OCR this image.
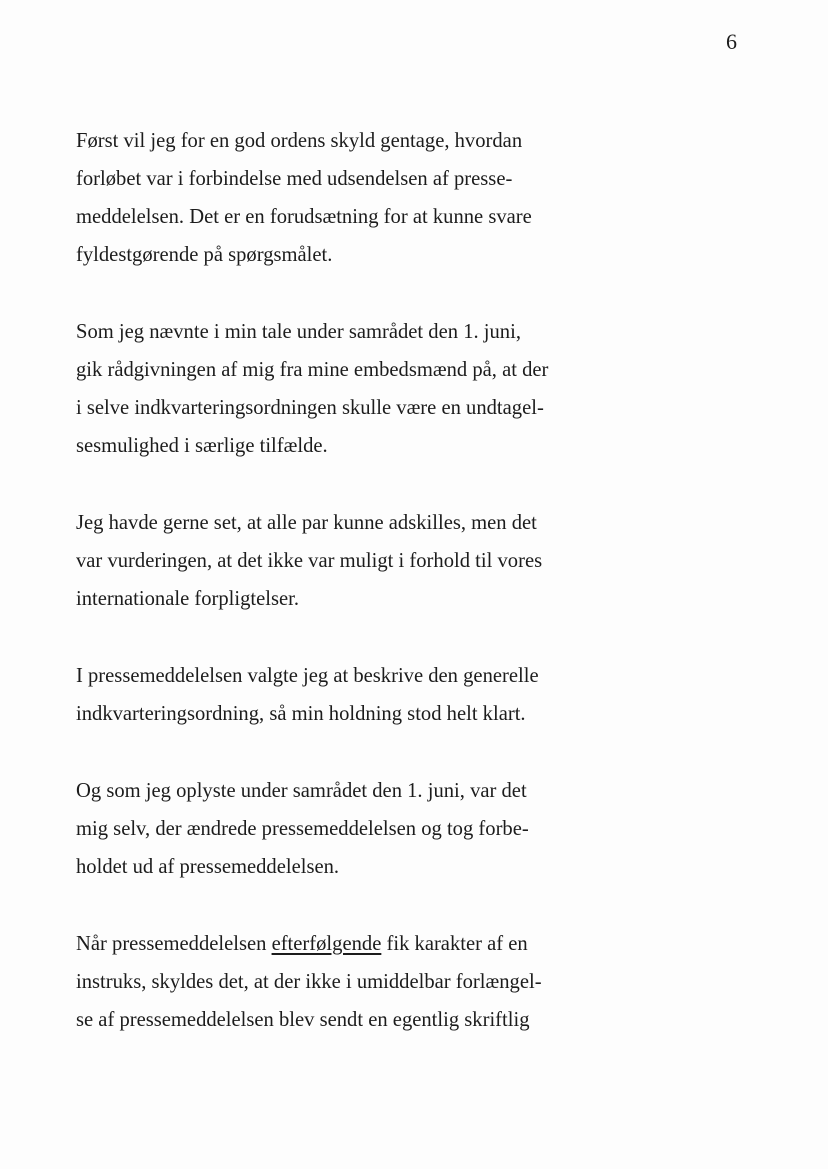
6

Først vil jeg for en god ordens skyld gentage, hvordan
forløbet var i forbindelse med udsendelsen af presse-
meddelelsen. Det er en forudsætning for at kunne svare
fyldestgørende på spørgsmålet.

Som jeg nævnte i min tale under samrådet den 1. juni,
gik rådgivningen af mig fra mine embedsmænd på, at der
i selve indkvarteringsordningen skulle være en undtagel-
sesmulighed i særlige tilfælde.

Jeg havde gerne set, at alle par kunne adskilles, men det
var vurderingen, at det ikke var muligt i forhold til vores
internationale forpligtelser.

I pressemeddelelsen valgte jeg at beskrive den generelle
indkvarteringsordning, så min holdning stod helt klart.

Og som jeg oplyste under samrådet den 1. juni, var det
mig selv, der ændrede pressemeddelelsen og tog forbe-
holdet ud af pressemeddelelsen.

Når pressemeddelelsen efterfølgende fik karakter af en
instruks, skyldes det, at der ikke i umiddelbar forlængel-
se af pressemeddelelsen blev sendt en egentlig skriftlig
